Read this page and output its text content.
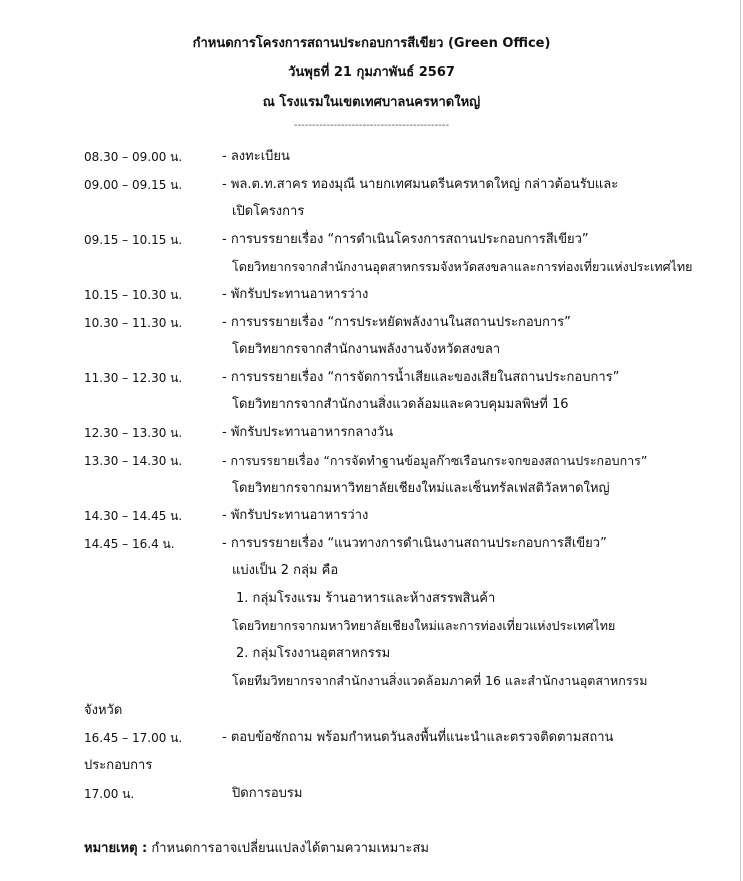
กำหนดการโครงการสถานประกอบการสีเขียว (Green Office)
วันพุธที่ 21 กุมภาพันธ์ 2567
ณ โรงแรมในเขตเทศบาลนครหาดใหญ่
-------------------------------------------
08.30 – 09.00 น.	- ลงทะเบียน
09.00 – 09.15 น.	- พล.ต.ท.สาคร ทองมุณี นายกเทศมนตรีนครหาดใหญ่ กล่าวต้อนรับและ
เปิดโครงการ
09.15 – 10.15 น.	- การบรรยายเรื่อง “การดำเนินโครงการสถานประกอบการสีเขียว”
โดยวิทยากรจากสำนักงานอุตสาหกรรมจังหวัดสงขลาและการท่องเที่ยวแห่งประเทศไทย
10.15 – 10.30 น.	- พักรับประทานอาหารว่าง
10.30 – 11.30 น.	- การบรรยายเรื่อง “การประหยัดพลังงานในสถานประกอบการ”
โดยวิทยากรจากสำนักงานพลังงานจังหวัดสงขลา
11.30 – 12.30 น.	- การบรรยายเรื่อง “การจัดการน้ำเสียและของเสียในสถานประกอบการ”
โดยวิทยากรจากสำนักงานสิ่งแวดล้อมและควบคุมมลพิษที่ 16
12.30 – 13.30 น.	- พักรับประทานอาหารกลางวัน
13.30 – 14.30 น.	- การบรรยายเรื่อง “การจัดทำฐานข้อมูลก๊าซเรือนกระจกของสถานประกอบการ”
โดยวิทยากรจากมหาวิทยาลัยเชียงใหม่และเซ็นทรัลเฟสติวัลหาดใหญ่
14.30 – 14.45 น.	- พักรับประทานอาหารว่าง
14.45 – 16.4 น.	- การบรรยายเรื่อง “แนวทางการดำเนินงานสถานประกอบการสีเขียว”
แบ่งเป็น 2 กลุ่ม คือ
1. กลุ่มโรงแรม ร้านอาหารและห้างสรรพสินค้า
โดยวิทยากรจากมหาวิทยาลัยเชียงใหม่และการท่องเที่ยวแห่งประเทศไทย
2. กลุ่มโรงงานอุตสาหกรรม
โดยทีมวิทยากรจากสำนักงานสิ่งแวดล้อมภาคที่ 16 และสำนักงานอุตสาหกรรม
จังหวัด
16.45 – 17.00 น.	- ตอบข้อซักถาม พร้อมกำหนดวันลงพื้นที่แนะนำและตรวจติดตามสถาน
ประกอบการ
17.00 น.	ปิดการอบรม
หมายเหตุ : กำหนดการอาจเปลี่ยนแปลงได้ตามความเหมาะสม
